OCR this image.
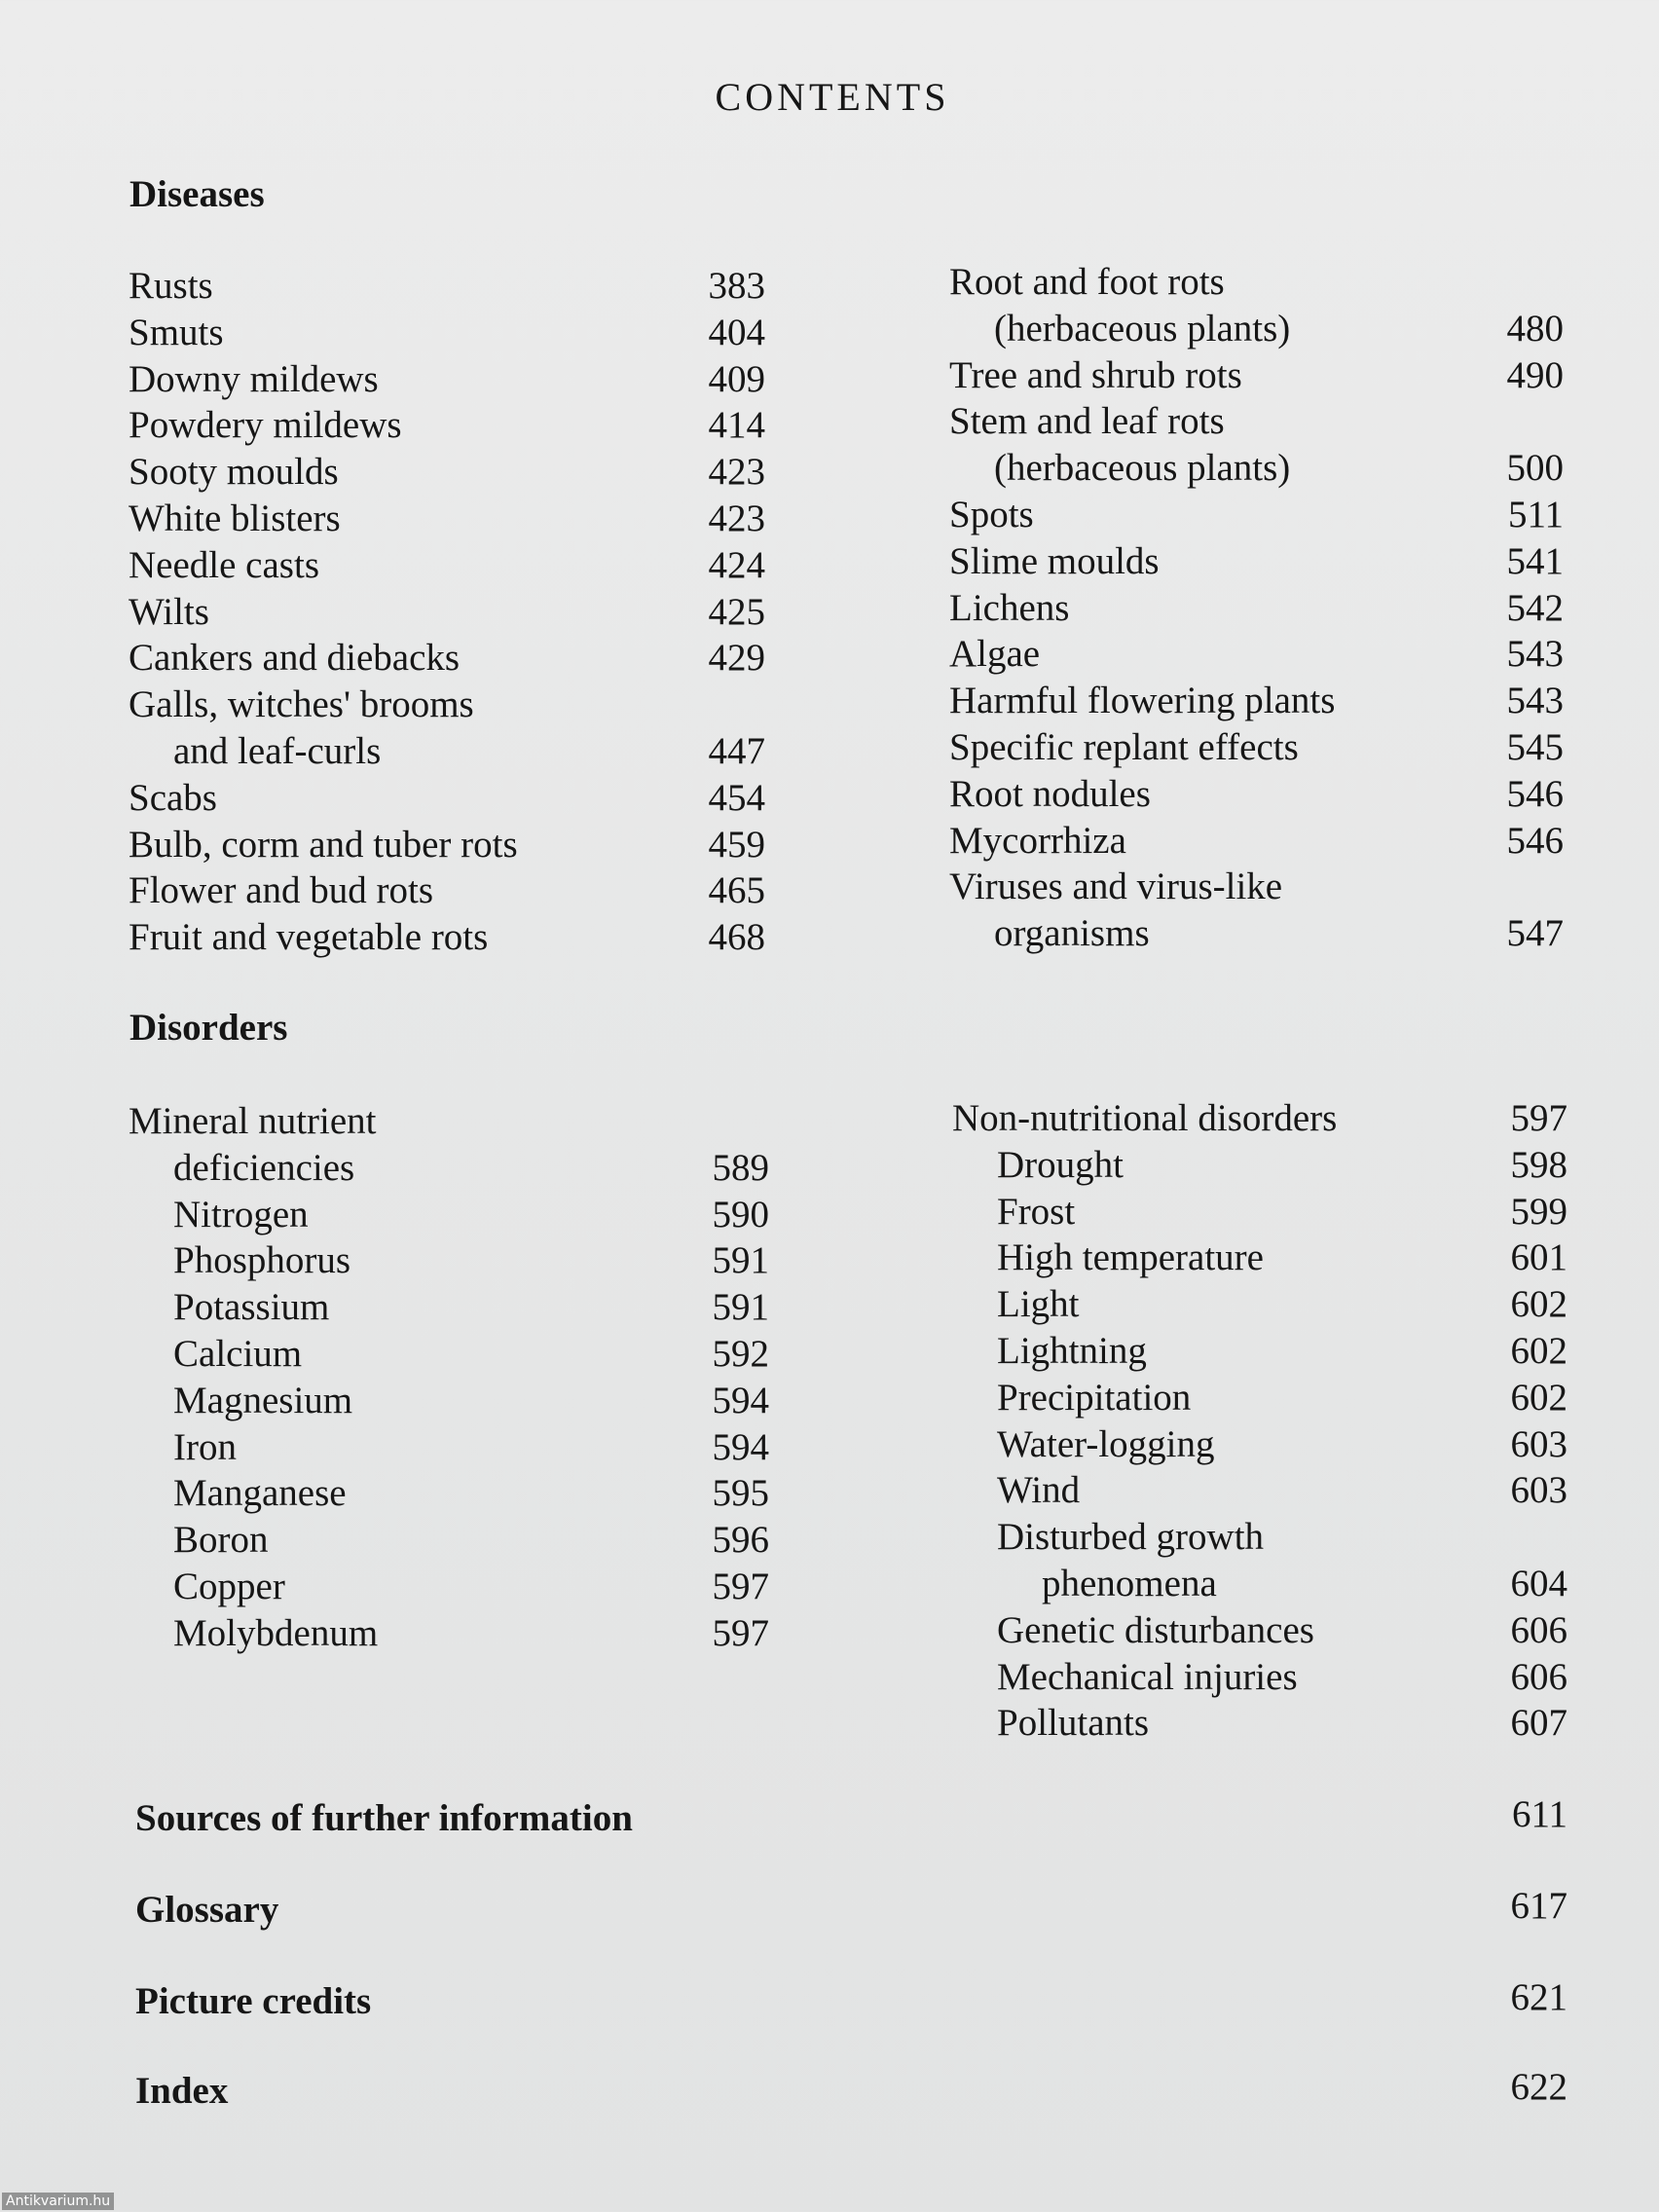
CONTENTS
Diseases
Rusts	383
Smuts	404
Downy mildews	409
Powdery mildews	414
Sooty moulds	423
White blisters	423
Needle casts	424
Wilts	425
Cankers and diebacks	429
Galls, witches' brooms
and leaf-curls	447
Scabs	454
Bulb, corm and tuber rots	459
Flower and bud rots	465
Fruit and vegetable rots	468
Root and foot rots
(herbaceous plants)	480
Tree and shrub rots	490
Stem and leaf rots
(herbaceous plants)	500
Spots	511
Slime moulds	541
Lichens	542
Algae	543
Harmful flowering plants	543
Specific replant effects	545
Root nodules	546
Mycorrhiza	546
Viruses and virus-like
organisms	547
Disorders
Mineral nutrient
deficiencies	589
Nitrogen	590
Phosphorus	591
Potassium	591
Calcium	592
Magnesium	594
Iron	594
Manganese	595
Boron	596
Copper	597
Molybdenum	597
Non-nutritional disorders	597
Drought	598
Frost	599
High temperature	601
Light	602
Lightning	602
Precipitation	602
Water-logging	603
Wind	603
Disturbed growth
phenomena	604
Genetic disturbances	606
Mechanical injuries	606
Pollutants	607
Sources of further information	611
Glossary	617
Picture credits	621
Index	622
Antikvarium.hu
